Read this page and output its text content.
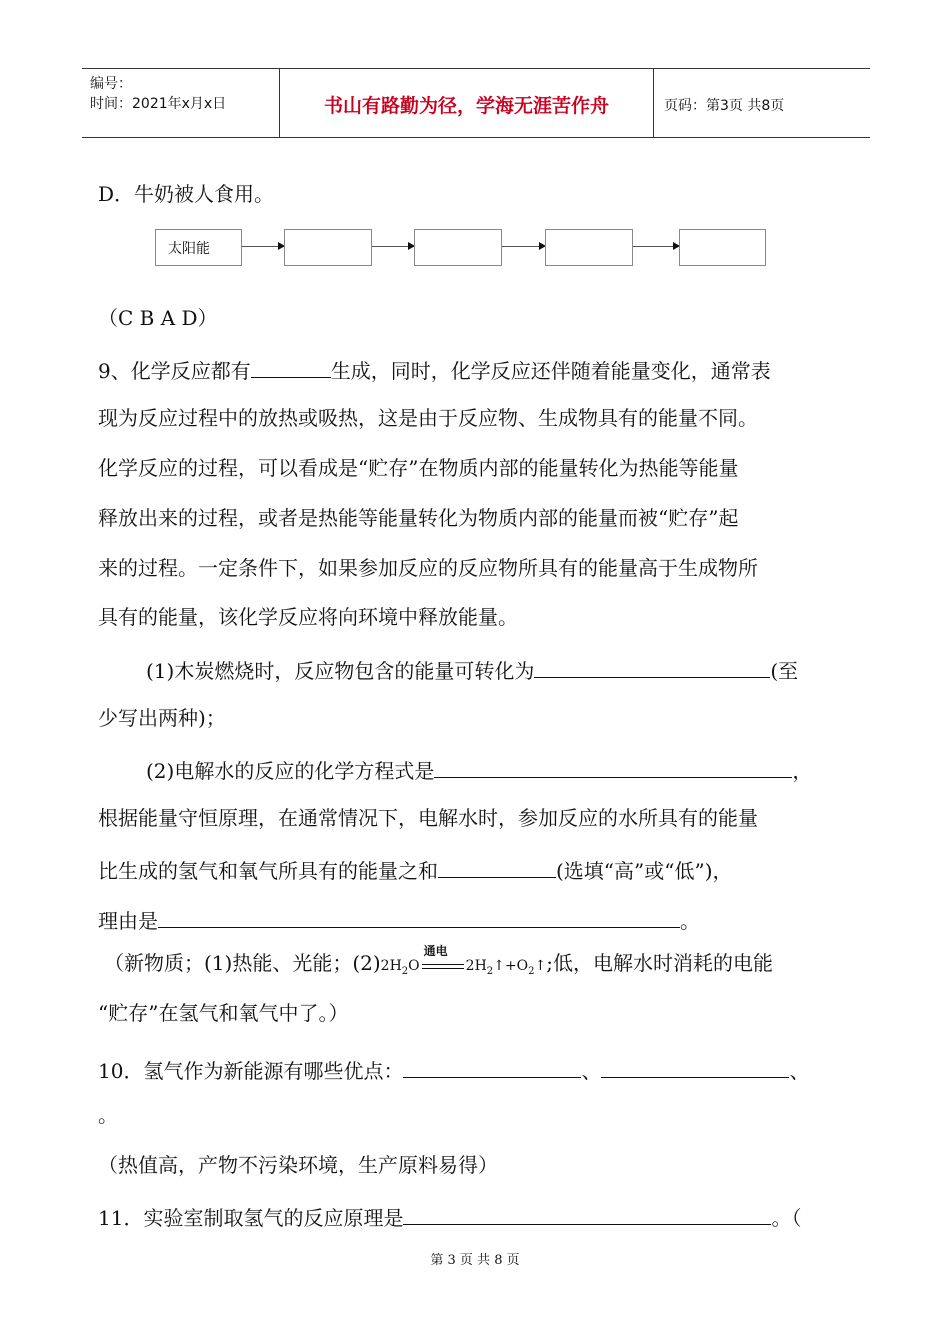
编号：
时间：2021年x月x日	书山有路勤为径，学海无涯苦作舟	页码：第3页 共8页
D．牛奶被人食用。
太阳能
（C B A D）
9、化学反应都有	生成，同时，化学反应还伴随着能量变化，通常表
现为反应过程中的放热或吸热，这是由于反应物、生成物具有的能量不同。
化学反应的过程，可以看成是“贮存”在物质内部的能量转化为热能等能量
释放出来的过程，或者是热能等能量转化为物质内部的能量而被“贮存”起
来的过程。一定条件下，如果参加反应的反应物所具有的能量高于生成物所
具有的能量，该化学反应将向环境中释放能量。
(1)木炭燃烧时，反应物包含的能量可转化为	(至
少写出两种)；
(2)电解水的反应的化学方程式是	，
根据能量守恒原理，在通常情况下，电解水时，参加反应的水所具有的能量
比生成的氢气和氧气所具有的能量之和	(选填“高”或“低”)，
理由是	。
（新物质；(1)热能、光能；$(2)2H_2O$
通电
$2H_2↑+O_2↑$;低，电解水时消耗的电能
“贮存”在氢气和氧气中了。）
10．氢气作为新能源有哪些优点：	、	、
。
（热值高，产物不污染环境，生产原料易得）
11．实验室制取氢气的反应原理是	。（
第 3 页 共 8 页
